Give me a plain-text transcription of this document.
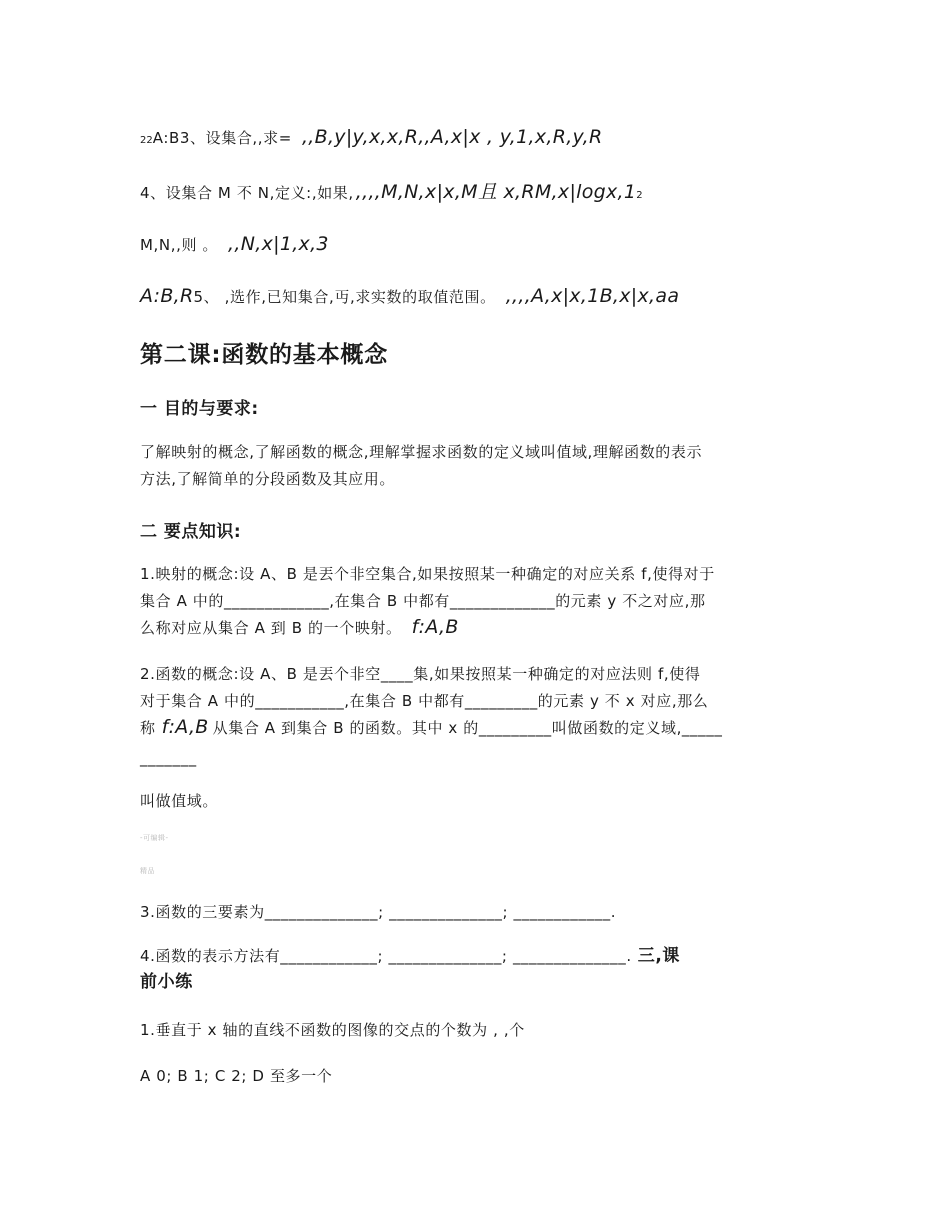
22A:B3、设集合,,求= ,,B,y|y,x,x,R,,A,x|x , y,1,x,R,y,R
4、设集合 M 不 N,定义:,如果, ,,,,M,N,x|x,M且 x,RM,x|logx,12
M,N,,则 。 ,,N,x|1,x,3
A:B,R5、 ,选作,已知集合,丏,求实数的取值范围。 ,,,,A,x|x,1B,x|x,aa
第二课:函数的基本概念
一 目的与要求:
了解映射的概念,了解函数的概念,理解掌握求函数的定义域叫值域,理解函数的表示
方法,了解简单的分段函数及其应用。
二 要点知识:
1.映射的概念:设 A、B 是丟个非空集合,如果按照某一种确定的对应关系 f,使得对于
集合 A 中的_____________,在集合 B 中都有_____________的元素 y 不之对应,那
么称对应从集合 A 到 B 的一个映射。 f:A,B
2.函数的概念:设 A、B 是丟个非空____集,如果按照某一种确定的对应法则 f,使得
对于集合 A 中的___________,在集合 B 中都有_________的元素 y 不 x 对应,那么
称 f:A,B 从集合 A 到集合 B 的函数。其中 x 的_________叫做函数的定义域,_____
_______
叫做值域。
-可编辑-
精品
3.函数的三要素为______________; ______________; ____________.
4.函数的表示方法有____________; ______________; ______________. 三,课
前小练
1.垂直于 x 轴的直线不函数的图像的交点的个数为 , ,个
A 0; B 1; C 2; D 至多一个
